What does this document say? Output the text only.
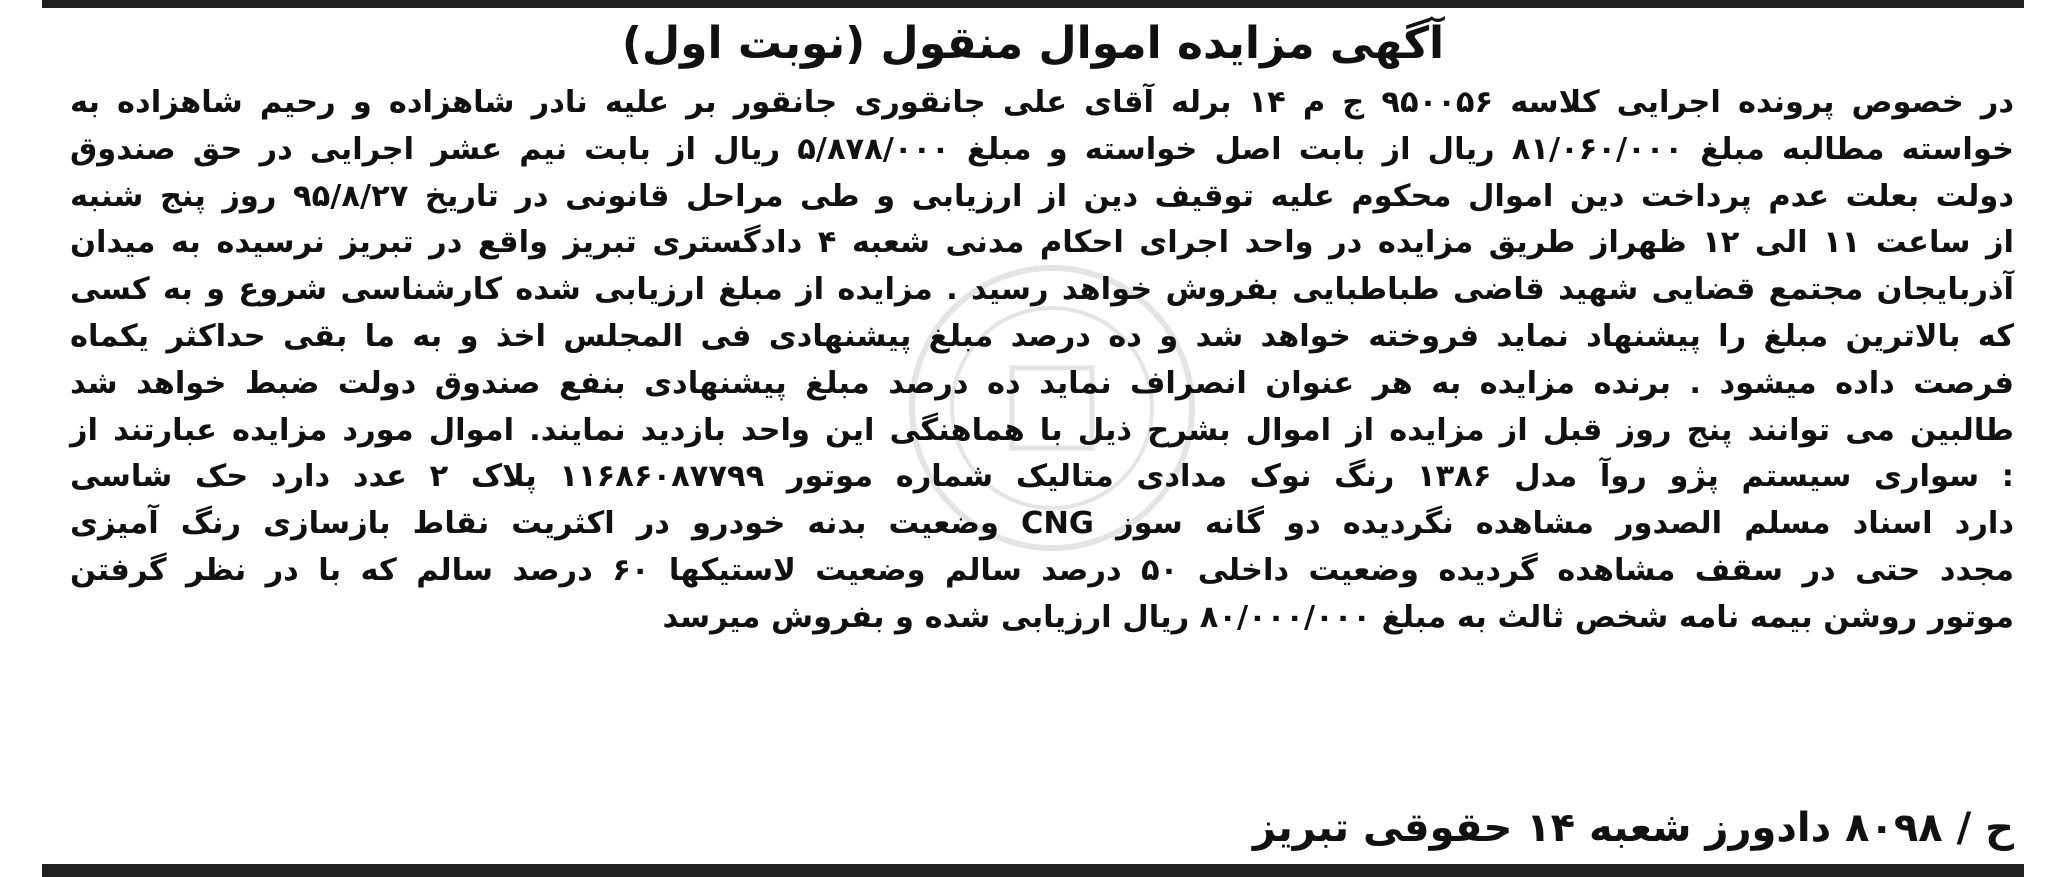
آگهی مزایده اموال منقول (نوبت اول)
در خصوص پرونده اجرایی کلاسه ۹۵۰۰۵۶ ج م ۱۴ برله آقای علی جانقوری جانقور بر علیه نادر شاهزاده و رحیم شاهزاده به
خواسته مطالبه مبلغ ۸۱/۰۶۰/۰۰۰ ریال از بابت اصل خواسته و مبلغ ۵/۸۷۸/۰۰۰ ریال از بابت نیم عشر اجرایی در حق صندوق
دولت بعلت عدم پرداخت دین اموال محکوم علیه توقیف دین از ارزیابی و طی مراحل قانونی در تاریخ ۹۵/۸/۲۷ روز پنج شنبه
از ساعت ۱۱ الی ۱۲ ظهراز طریق مزایده در واحد اجرای احکام مدنی شعبه ۴ دادگستری تبریز واقع در تبریز نرسیده به میدان
آذربایجان مجتمع قضایی شهید قاضی طباطبایی بفروش خواهد رسید . مزایده از مبلغ ارزیابی شده کارشناسی شروع و به کسی
که بالاترین مبلغ را پیشنهاد نماید فروخته خواهد شد و ده درصد مبلغ پیشنهادی فی المجلس اخذ و به ما بقی حداکثر یکماه
فرصت داده میشود . برنده مزایده به هر عنوان انصراف نماید ده درصد مبلغ پیشنهادی بنفع صندوق دولت ضبط خواهد شد
طالبین می توانند پنج روز قبل از مزایده از اموال بشرح ذیل با هماهنگی این واحد بازدید نمایند. اموال مورد مزایده عبارتند از
: سواری سیستم پژو روآ مدل ۱۳۸۶ رنگ نوک مدادی متالیک شماره موتور ۱۱۶۸۶۰۸۷۷۹۹ پلاک ۲ عدد دارد حک شاسی
دارد اسناد مسلم الصدور مشاهده نگردیده دو گانه سوز CNG وضعیت بدنه خودرو در اکثریت نقاط بازسازی رنگ آمیزی
مجدد حتی در سقف مشاهده گردیده وضعیت داخلی ۵۰ درصد سالم وضعیت لاستیکها ۶۰ درصد سالم که با در نظر گرفتن
موتور روشن بیمه نامه شخص ثالث به مبلغ ۸۰/۰۰۰/۰۰۰ ریال ارزیابی شده و بفروش میرسد
ح / ۸۰۹۸ دادورز شعبه ۱۴ حقوقی تبریز
